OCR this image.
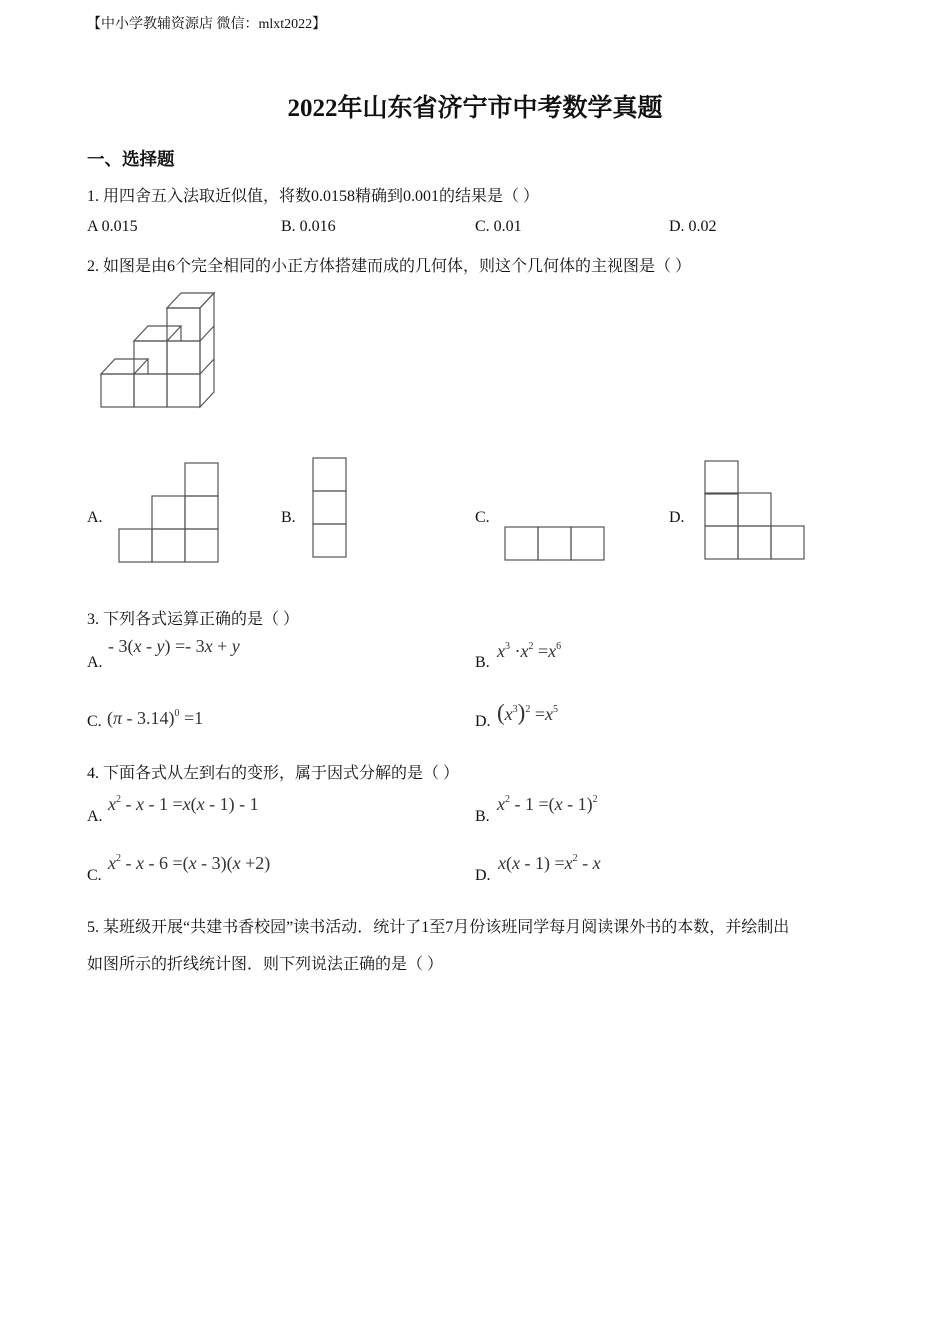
【中小学教辅资源店 微信：mlxt2022】
2022年山东省济宁市中考数学真题
一、选择题
1. 用四舍五入法取近似值，将数0.0158精确到0.001的结果是（ ）
A 0.015	B. 0.016	C. 0.01	D. 0.02
2. 如图是由6个完全相同的小正方体搭建而成的几何体，则这个几何体的主视图是（ ）
A.	B.	C.	D.
3. 下列各式运算正确的是（ ）
A.
- 3(x - y) =- 3x + y
B.
$x^3 \cdot x^2 =x^6$
C. (π - 3.14)$^0$ =1	D. $(x^3)^2 =x^5$
4. 下面各式从左到右的变形，属于因式分解的是（ ）
A.
$x^2 - x - 1 =x(x - 1) - 1$
B.
$x^2 - 1 =(x - 1)^2$
C.
$x^2 - x - 6 =(x - 3)(x +2)$
D.
$x(x - 1) =x^2 - x$
5. 某班级开展“共建书香校园”读书活动．统计了1至7月份该班同学每月阅读课外书的本数，并绘制出
如图所示的折线统计图．则下列说法正确的是（ ）
